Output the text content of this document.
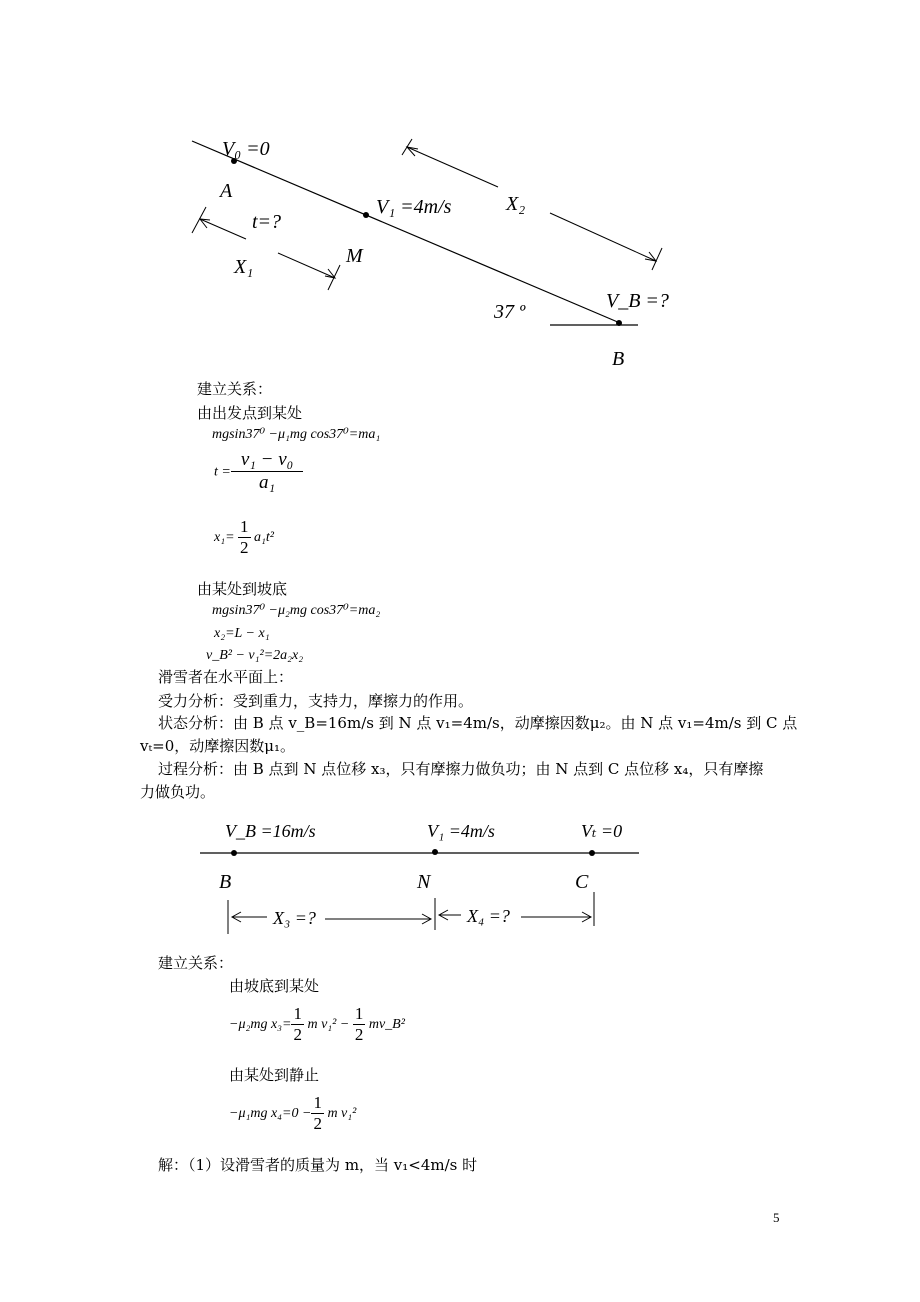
V₀ =0
A
t=?
V₁ =4m/s	X₂
X₁	M
37 º	V_B =?
B
建立关系：
由出发点到某处
mgsin37⁰ −μ₁mg cos37⁰=ma₁
$t = \frac{\text{v₁ − v₀}}{\text{a₁}}$
$x_1= \frac{1}{2} a_1t^2$
由某处到坡底
mgsin37⁰ −μ₂mg cos37⁰=ma₂
x₂=L − x₁
v_B² − v₁²=2a₂x₂
滑雪者在水平面上：
受力分析：受到重力，支持力，摩擦力的作用。
状态分析：由 B 点 v_B=16m/s 到 N 点 v₁=4m/s，动摩擦因数μ₂。由 N 点 v₁=4m/s 到 C 点
vₜ=0，动摩擦因数μ₁。
过程分析：由 B 点到 N 点位移 x₃，只有摩擦力做负功；由 N 点到 C 点位移 x₄，只有摩擦
力做负功。
V_B =16m/s	V₁ =4m/s	Vₜ =0
B	N	C
X₃ =?	X₄ =?
建立关系：
由坡底到某处
−μ₂mg $x_3= \frac{1}{2}$ m $v_1^2 - \frac{1}{2}$ mv_B²
由某处到静止
−μ₁mg $x_4=0 - \frac{1}{2}$ m v₁²
解：（1）设滑雪者的质量为 m，当 v₁<4m/s 时
5
